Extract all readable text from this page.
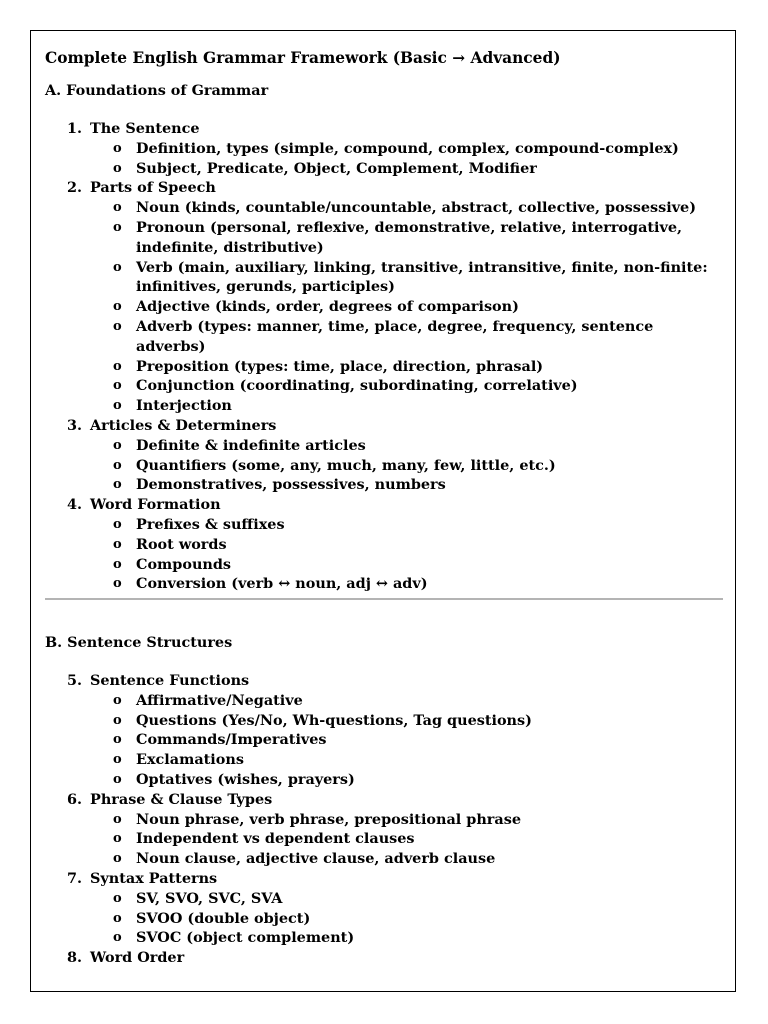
Complete English Grammar Framework (Basic → Advanced)
A. Foundations of Grammar
1. The Sentence
o Definition, types (simple, compound, complex, compound-complex)
o Subject, Predicate, Object, Complement, Modifier
2. Parts of Speech
o Noun (kinds, countable/uncountable, abstract, collective, possessive)
o Pronoun (personal, reflexive, demonstrative, relative, interrogative, indefinite, distributive)
o Verb (main, auxiliary, linking, transitive, intransitive, finite, non-finite: infinitives, gerunds, participles)
o Adjective (kinds, order, degrees of comparison)
o Adverb (types: manner, time, place, degree, frequency, sentence adverbs)
o Preposition (types: time, place, direction, phrasal)
o Conjunction (coordinating, subordinating, correlative)
o Interjection
3. Articles & Determiners
o Definite & indefinite articles
o Quantifiers (some, any, much, many, few, little, etc.)
o Demonstratives, possessives, numbers
4. Word Formation
o Prefixes & suffixes
o Root words
o Compounds
o Conversion (verb ↔ noun, adj ↔ adv)
B. Sentence Structures
5. Sentence Functions
o Affirmative/Negative
o Questions (Yes/No, Wh-questions, Tag questions)
o Commands/Imperatives
o Exclamations
o Optatives (wishes, prayers)
6. Phrase & Clause Types
o Noun phrase, verb phrase, prepositional phrase
o Independent vs dependent clauses
o Noun clause, adjective clause, adverb clause
7. Syntax Patterns
o SV, SVO, SVC, SVA
o SVOO (double object)
o SVOC (object complement)
8. Word Order
